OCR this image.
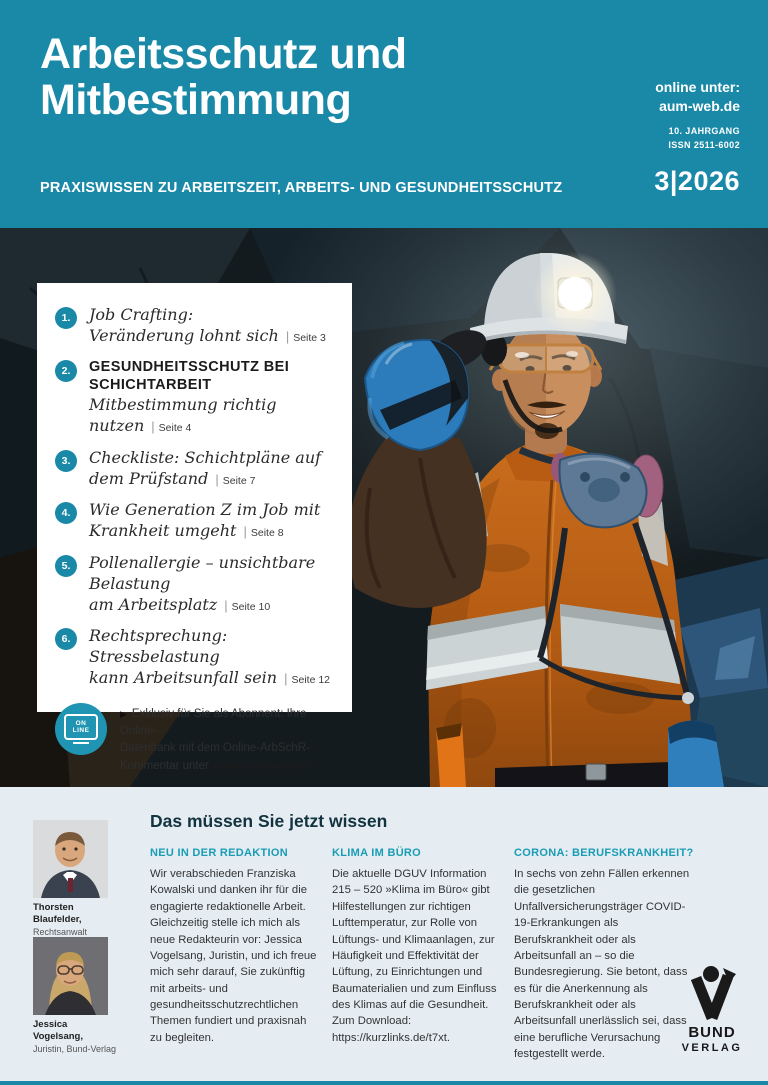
Arbeitsschutz und
Mitbestimmung	online unter:
aum-web.de
10. JAHRGANG
ISSN 2511-6002
PRAXISWISSEN ZU ARBEITSZEIT, ARBEITS- UND GESUNDHEITSSCHUTZ	3|2026
1.	Job Crafting:
Veränderung lohnt sich | Seite 3
2.	GESUNDHEITSSCHUTZ BEI
SCHICHTARBEIT
Mitbestimmung richtig nutzen | Seite 4
3.	Checkliste: Schichtpläne auf
dem Prüfstand | Seite 7
4.	Wie Generation Z im Job mit
Krankheit umgeht | Seite 8
5.	Pollenallergie – unsichtbare Belastung
am Arbeitsplatz | Seite 10
6.	Rechtsprechung: Stressbelastung
kann Arbeitsunfall sein | Seite 12
ON
LINE
▶ Exklusiv für Sie als Abonnent: Ihre Online-
Datenbank mit dem Online-ArbSchR-
Kommentar unter www.aum-web.de
Thorsten Blaufelder,
Rechtsanwalt
Jessica Vogelsang,
Juristin, Bund-Verlag
Das müssen Sie jetzt wissen
NEU IN DER REDAKTION
Wir verabschieden Franziska Kowalski und danken ihr für die engagierte redaktionelle Arbeit. Gleichzeitig stelle ich mich als neue Redakteurin vor: Jessica Vogelsang, Juristin, und ich freue mich sehr darauf, Sie zukünftig mit arbeits- und gesundheitsschutzrechtlichen Themen fundiert und praxisnah zu begleiten.
KLIMA IM BÜRO
Die aktuelle DGUV Information 215 – 520 »Klima im Büro« gibt Hilfestellungen zur richtigen Lufttemperatur, zur Rolle von Lüftungs- und Klimaanlagen, zur Häufigkeit und Effektivität der Lüftung, zu Einrichtungen und Baumaterialien und zum Einfluss des Klimas auf die Gesundheit. Zum Download: https://kurzlinks.de/t7xt.
CORONA: BERUFSKRANKHEIT?
In sechs von zehn Fällen erkennen die gesetzlichen Unfallversicherungsträger COVID-19-Erkrankungen als Berufskrankheit oder als Arbeitsunfall an – so die Bundesregierung. Sie betont, dass es für die Anerkennung als Berufskrankheit oder als Arbeitsunfall unerlässlich sei, dass eine berufliche Verursachung festgestellt werde.
BUND
VERLAG
